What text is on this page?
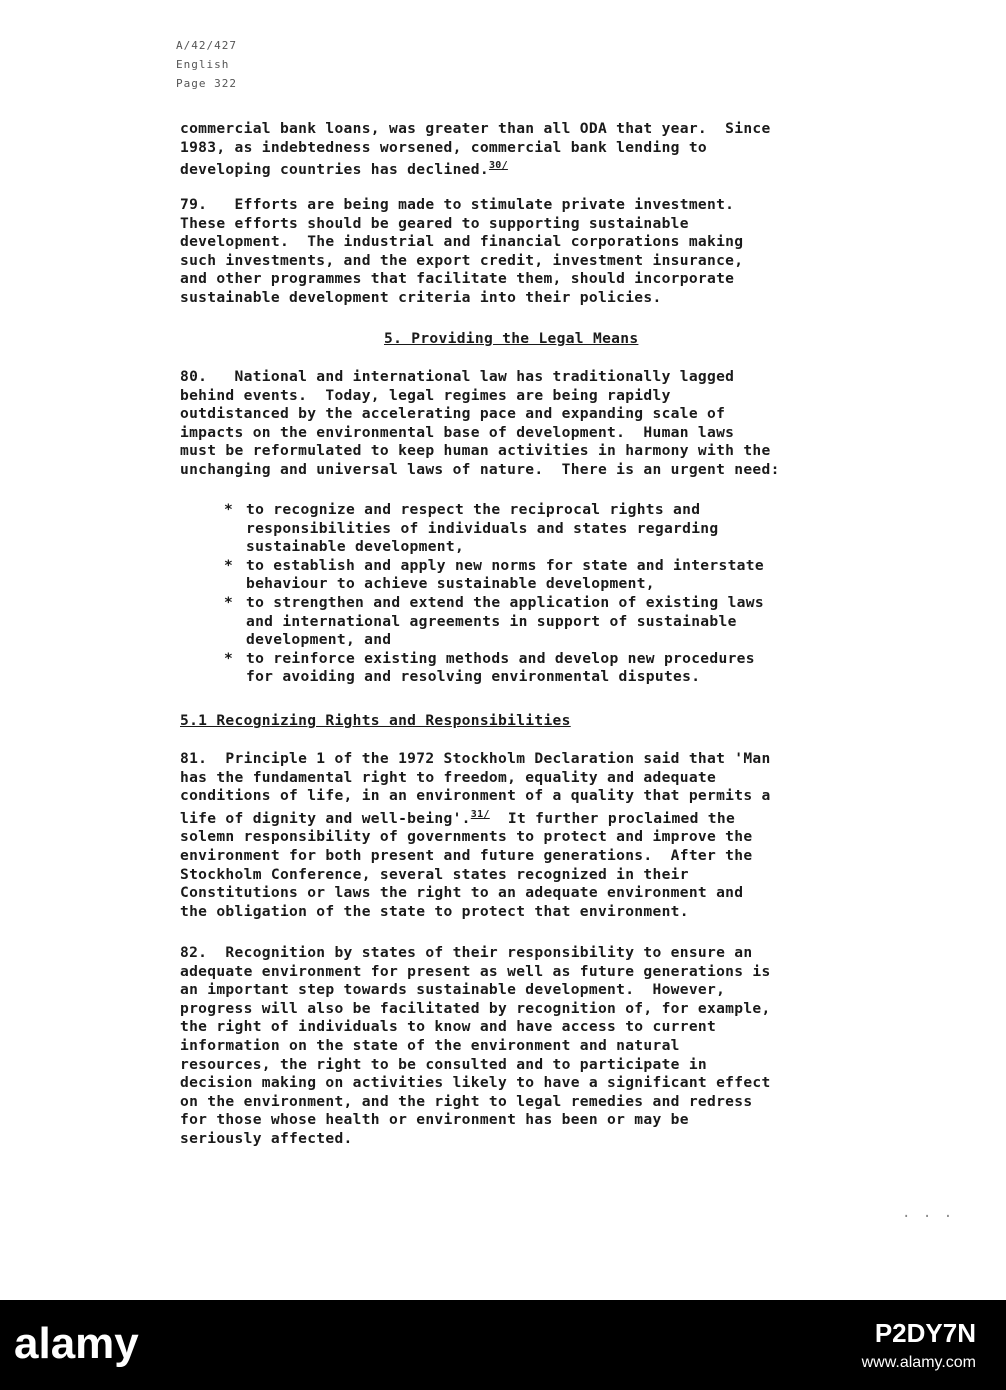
A/42/427
English
Page 322

commercial bank loans, was greater than all ODA that year.  Since
1983, as indebtedness worsened, commercial bank lending to
developing countries has declined.$^{30/}$

79.   Efforts are being made to stimulate private investment.
These efforts should be geared to supporting sustainable
development.  The industrial and financial corporations making
such investments, and the export credit, investment insurance,
and other programmes that facilitate them, should incorporate
sustainable development criteria into their policies.

5. Providing the Legal Means

80.   National and international law has traditionally lagged
behind events.  Today, legal regimes are being rapidly
outdistanced by the accelerating pace and expanding scale of
impacts on the environmental base of development.  Human laws
must be reformulated to keep human activities in harmony with the
unchanging and universal laws of nature.  There is an urgent need:

* to recognize and respect the reciprocal rights and
responsibilities of individuals and states regarding
sustainable development,
* to establish and apply new norms for state and interstate
behaviour to achieve sustainable development,
* to strengthen and extend the application of existing laws
and international agreements in support of sustainable
development, and
* to reinforce existing methods and develop new procedures
for avoiding and resolving environmental disputes.

5.1 Recognizing Rights and Responsibilities

81.  Principle 1 of the 1972 Stockholm Declaration said that 'Man
has the fundamental right to freedom, equality and adequate
conditions of life, in an environment of a quality that permits a
life of dignity and well-being'.$^{31/}$  It further proclaimed the
solemn responsibility of governments to protect and improve the
environment for both present and future generations.  After the
Stockholm Conference, several states recognized in their
Constitutions or laws the right to an adequate environment and
the obligation of the state to protect that environment.

82.  Recognition by states of their responsibility to ensure an
adequate environment for present as well as future generations is
an important step towards sustainable development.  However,
progress will also be facilitated by recognition of, for example,
the right of individuals to know and have access to current
information on the state of the environment and natural
resources, the right to be consulted and to participate in
decision making on activities likely to have a significant effect
on the environment, and the right to legal remedies and redress
for those whose health or environment has been or may be
seriously affected.

. . .
alamy	P2DY7N
www.alamy.com
